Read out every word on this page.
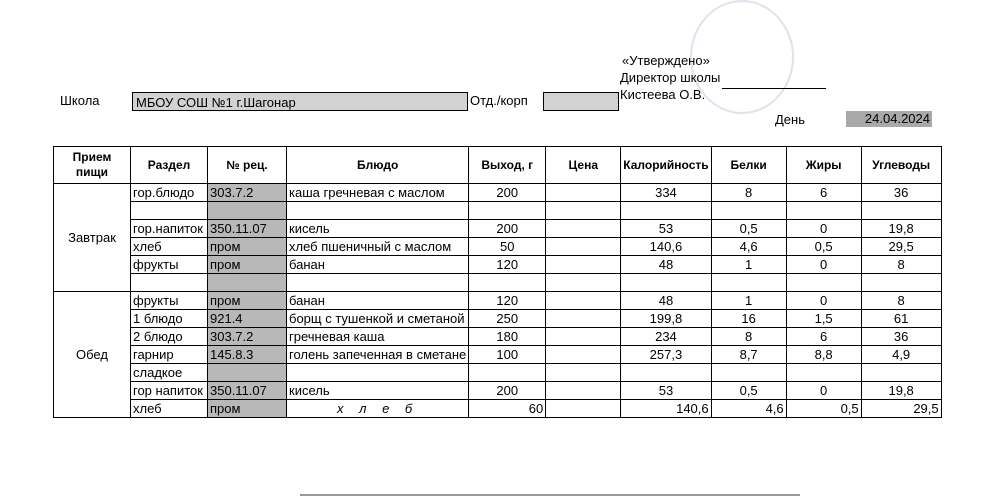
«Утверждено»
Директор школы
Кистеева О.В.
День	24.04.2024
Школа	МБОУ СОШ №1 г.Шагонар	Отд./корп
Прием пищи	Раздел	№ рец.	Блюдо	Выход, г	Цена	Калорийность	Белки	Жиры	Углеводы
Завтрак	гор.блюдо	303.7.2	каша гречневая с маслом	200		334	8	6	36

	гор.напиток	350.11.07	кисель	200		53	0,5	0	19,8
	хлеб	пром	хлеб пшеничный с маслом	50		140,6	4,6	0,5	29,5
	фрукты	пром	банан	120		48	1	0	8

Обед	фрукты	пром	банан	120		48	1	0	8
	1 блюдо	921.4	борщ с тушенкой и сметаной	250		199,8	16	1,5	61
	2 блюдо	303.7.2	гречневая каша	180		234	8	6	36
	гарнир	145.8.3	голень запеченная в сметане	100		257,3	8,7	8,8	4,9
	сладкое								
	гор напиток	350.11.07	кисель	200		53	0,5	0	19,8
	хлеб	пром	х л е б	60		140,6	4,6	0,5	29,5
